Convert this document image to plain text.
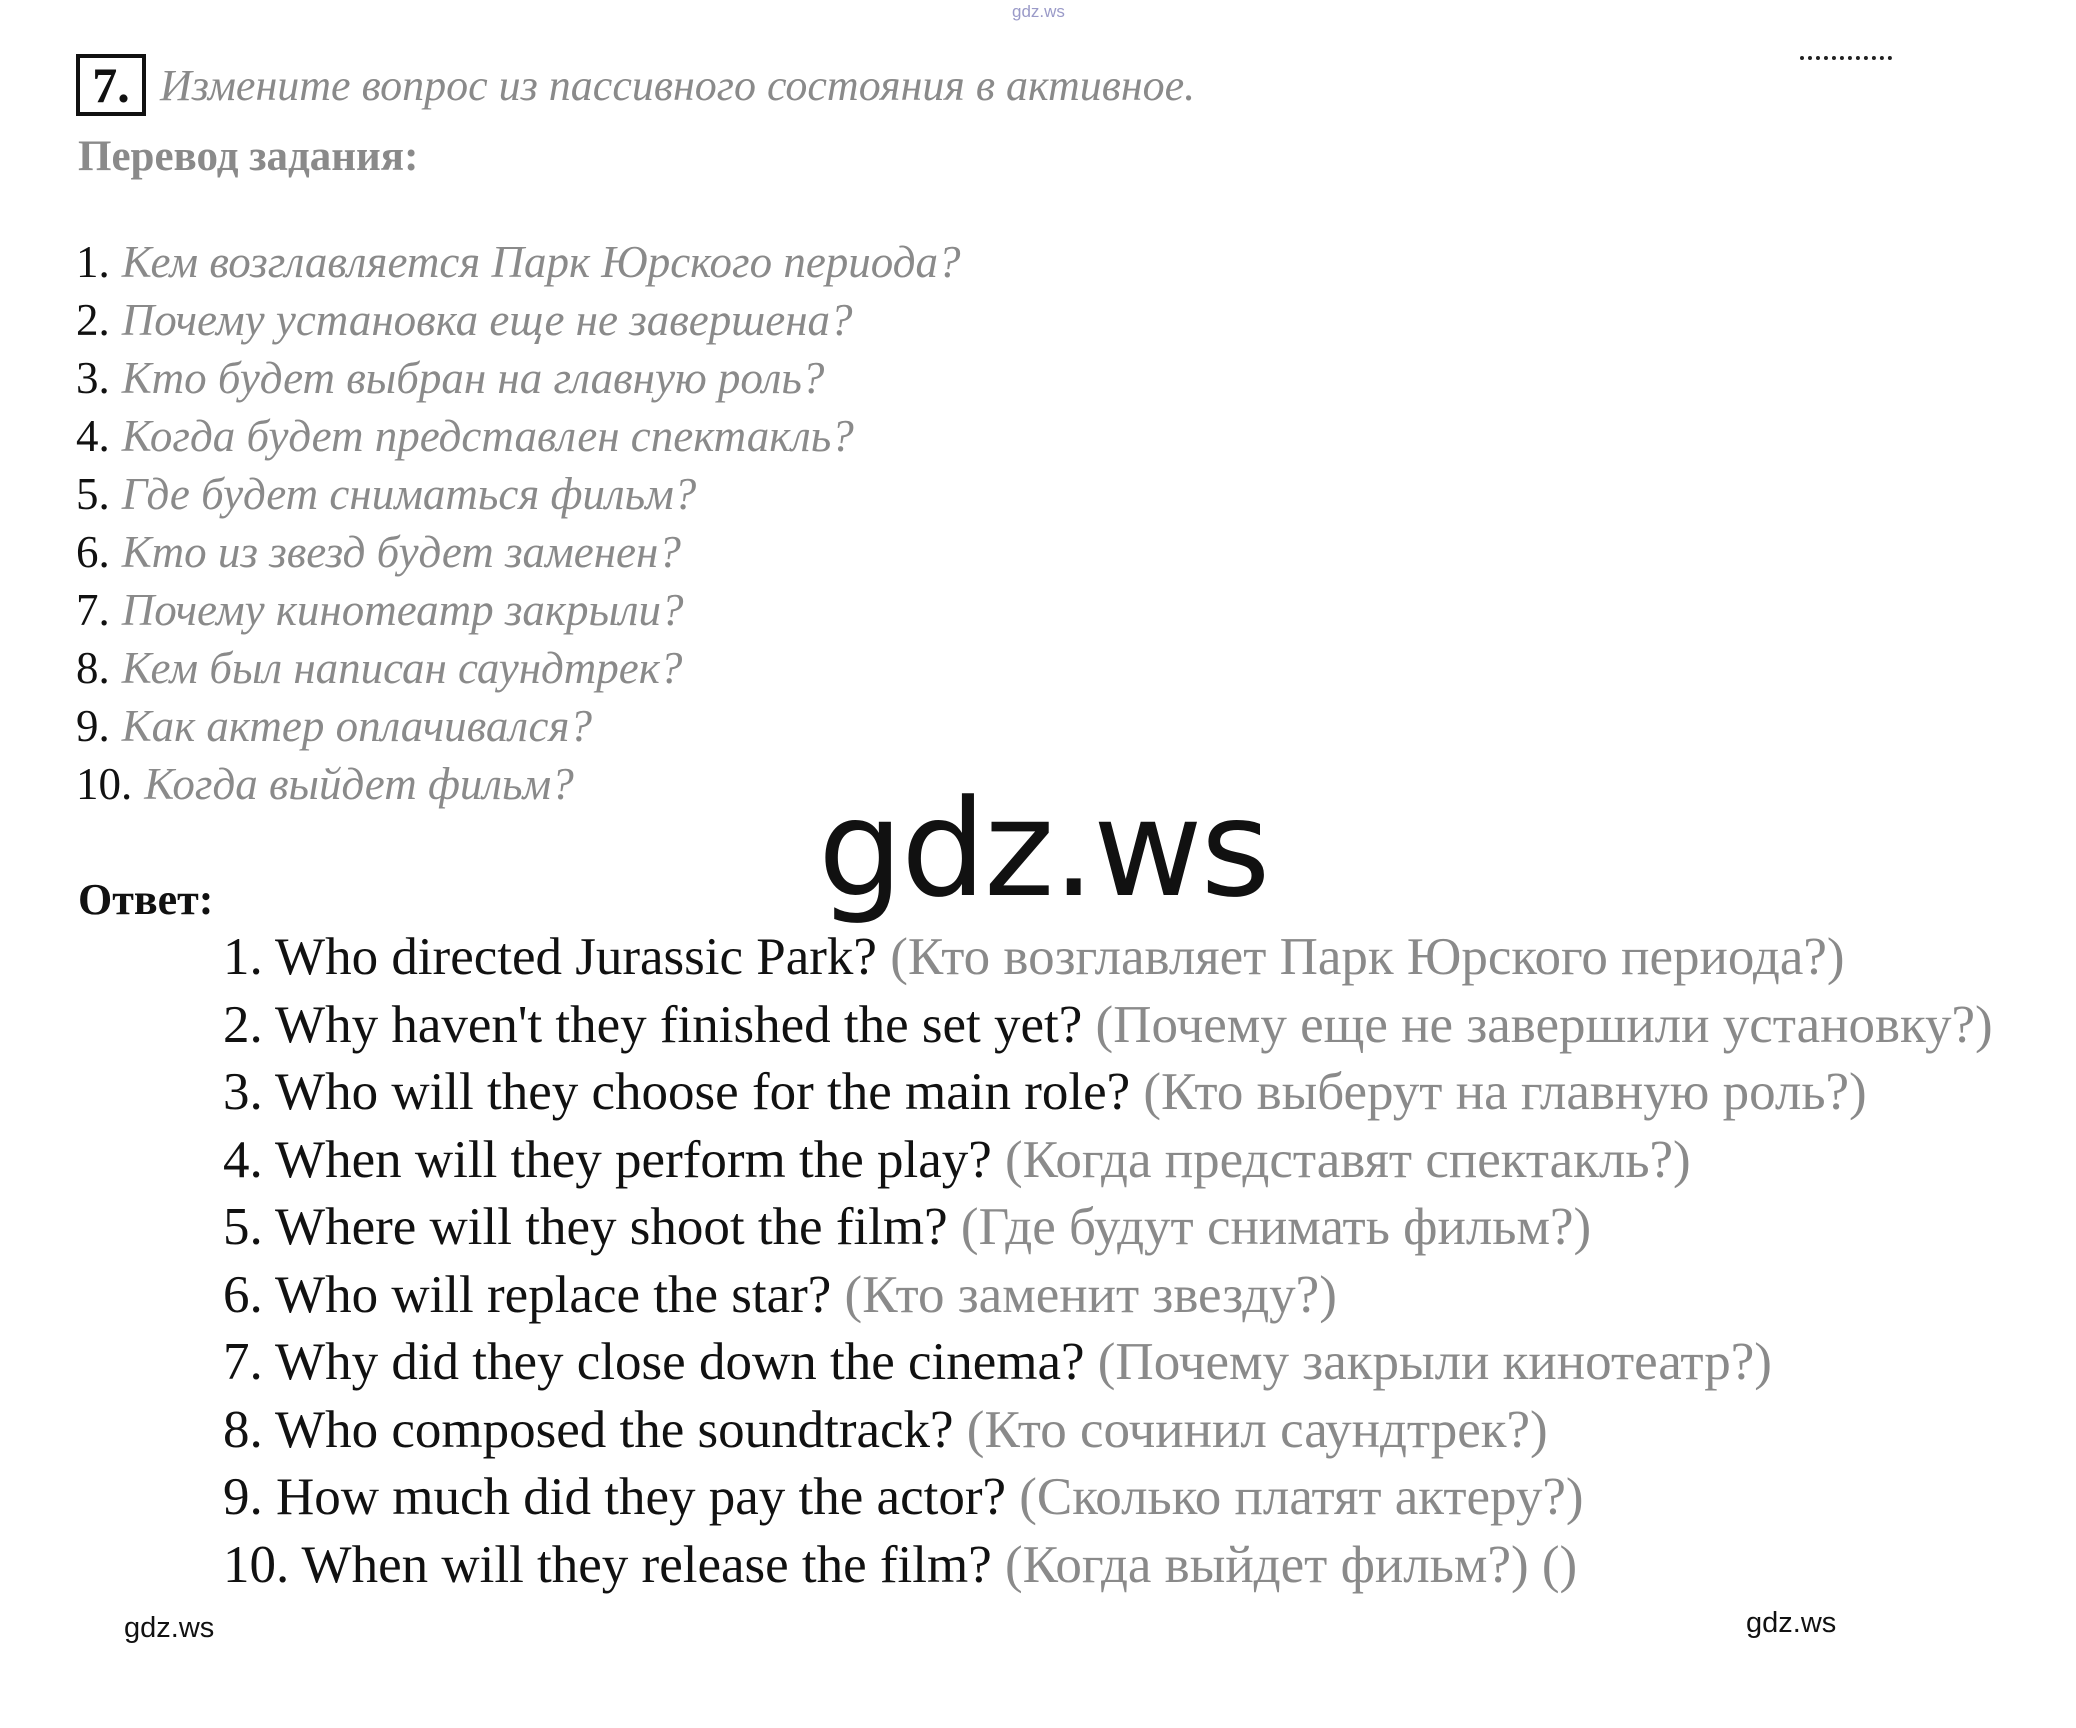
gdz.ws
7. Измените вопрос из пассивного состояния в активное.
Перевод задания:
1. Кем возглавляется Парк Юрского периода?
2. Почему установка еще не завершена?
3. Кто будет выбран на главную роль?
4. Когда будет представлен спектакль?
5. Где будет сниматься фильм?
6. Кто из звезд будет заменен?
7. Почему кинотеатр закрыли?
8. Кем был написан саундтрек?
9. Как актер оплачивался?
10. Когда выйдет фильм?
Ответ:	gdz.ws
1. Who directed Jurassic Park? (Кто возглавляет Парк Юрского периода?)
2. Why haven't they finished the set yet? (Почему еще не завершили установку?)
3. Who will they choose for the main role? (Кто выберут на главную роль?)
4. When will they perform the play? (Когда представят спектакль?)
5. Where will they shoot the film? (Где будут снимать фильм?)
6. Who will replace the star? (Кто заменит звезду?)
7. Why did they close down the cinema? (Почему закрыли кинотеатр?)
8. Who composed the soundtrack? (Кто сочинил саундтрек?)
9. How much did they pay the actor? (Сколько платят актеру?)
10. When will they release the film? (Когда выйдет фильм?) ()
gdz.ws	gdz.ws
